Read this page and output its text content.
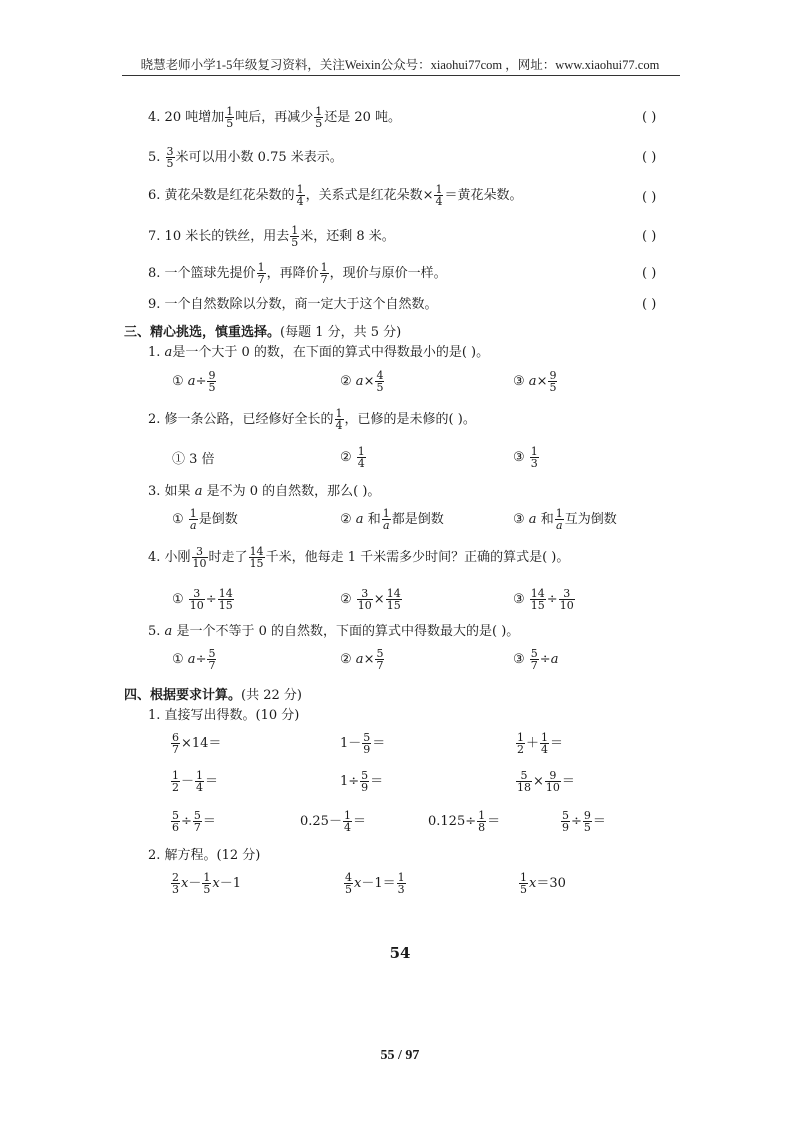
晓慧老师小学1-5年级复习资料，关注Weixin公众号：xiaohui77com ，网址：www.xiaohui77.com
4. 20 吨增加 $\frac{1}{5}$ 吨后，再减少 $\frac{1}{5}$ 还是 20 吨。	( )
5. $\frac{3}{5}$ 米可以用小数 0.75 米表示。	( )
6. 黄花朵数是红花朵数的 $\frac{1}{4}$ ，关系式是红花朵数× $\frac{1}{4}$ ＝黄花朵数。	( )
7. 10 米长的铁丝，用去 $\frac{1}{5}$ 米，还剩 8 米。	( )
8. 一个篮球先提价 $\frac{1}{7}$ ，再降价 $\frac{1}{7}$ ，现价与原价一样。	( )
9. 一个自然数除以分数，商一定大于这个自然数。	( )
三、精心挑选，慎重选择。(每题 1 分，共 5 分)
1. a是一个大于 0 的数，在下面的算式中得数最小的是( )。
① $a\div \frac{9}{5}$	② $a\times \frac{4}{5}$	③ $a\times \frac{9}{5}$
2. 修一条公路，已经修好全长的 $\frac{1}{4}$ ，已修的是未修的( )。
① 3 倍	② $\frac{1}{4}$	③ $\frac{1}{3}$
3. 如果 a 是不为 0 的自然数，那么( )。
① $\frac{1}{a}$ 是倒数	② a 和 $\frac{1}{a}$ 都是倒数	③ a 和 $\frac{1}{a}$ 互为倒数
4. 小刚 $\frac{3}{10}$ 时走了 $\frac{14}{15}$ 千米，他每走 1 千米需多少时间？正确的算式是( )。
① $\frac{3}{10} \div \frac{14}{15}$	② $\frac{3}{10} \times \frac{14}{15}$	③ $\frac{14}{15} \div \frac{3}{10}$
5. a 是一个不等于 0 的自然数，下面的算式中得数最大的是( )。
① $a\div \frac{5}{7}$	② $a\times \frac{5}{7}$	③ $\frac{5}{7} \div a$
四、根据要求计算。(共 22 分)
1. 直接写出得数。(10 分)
$\frac{6}{7} \times 14=$	$1- \frac{5}{9}$ ＝	$\frac{1}{2} + \frac{1}{4}$ ＝
$\frac{1}{2} - \frac{1}{4}$ ＝	$1\div \frac{5}{9}$ ＝	$\frac{5}{18} \times \frac{9}{10}$ ＝
$\frac{5}{6} \div \frac{5}{7}$ ＝	$0.25- \frac{1}{4}$ ＝	$0.125\div \frac{1}{8}$ ＝	$\frac{5}{9} \div \frac{9}{5}$ ＝
2. 解方程。(12 分)
$\frac{2}{3} x- \frac{1}{5} x-1$	$\frac{4}{5} x-1= \frac{1}{3}$	$\frac{1}{5} x=30$
54
55 / 97
